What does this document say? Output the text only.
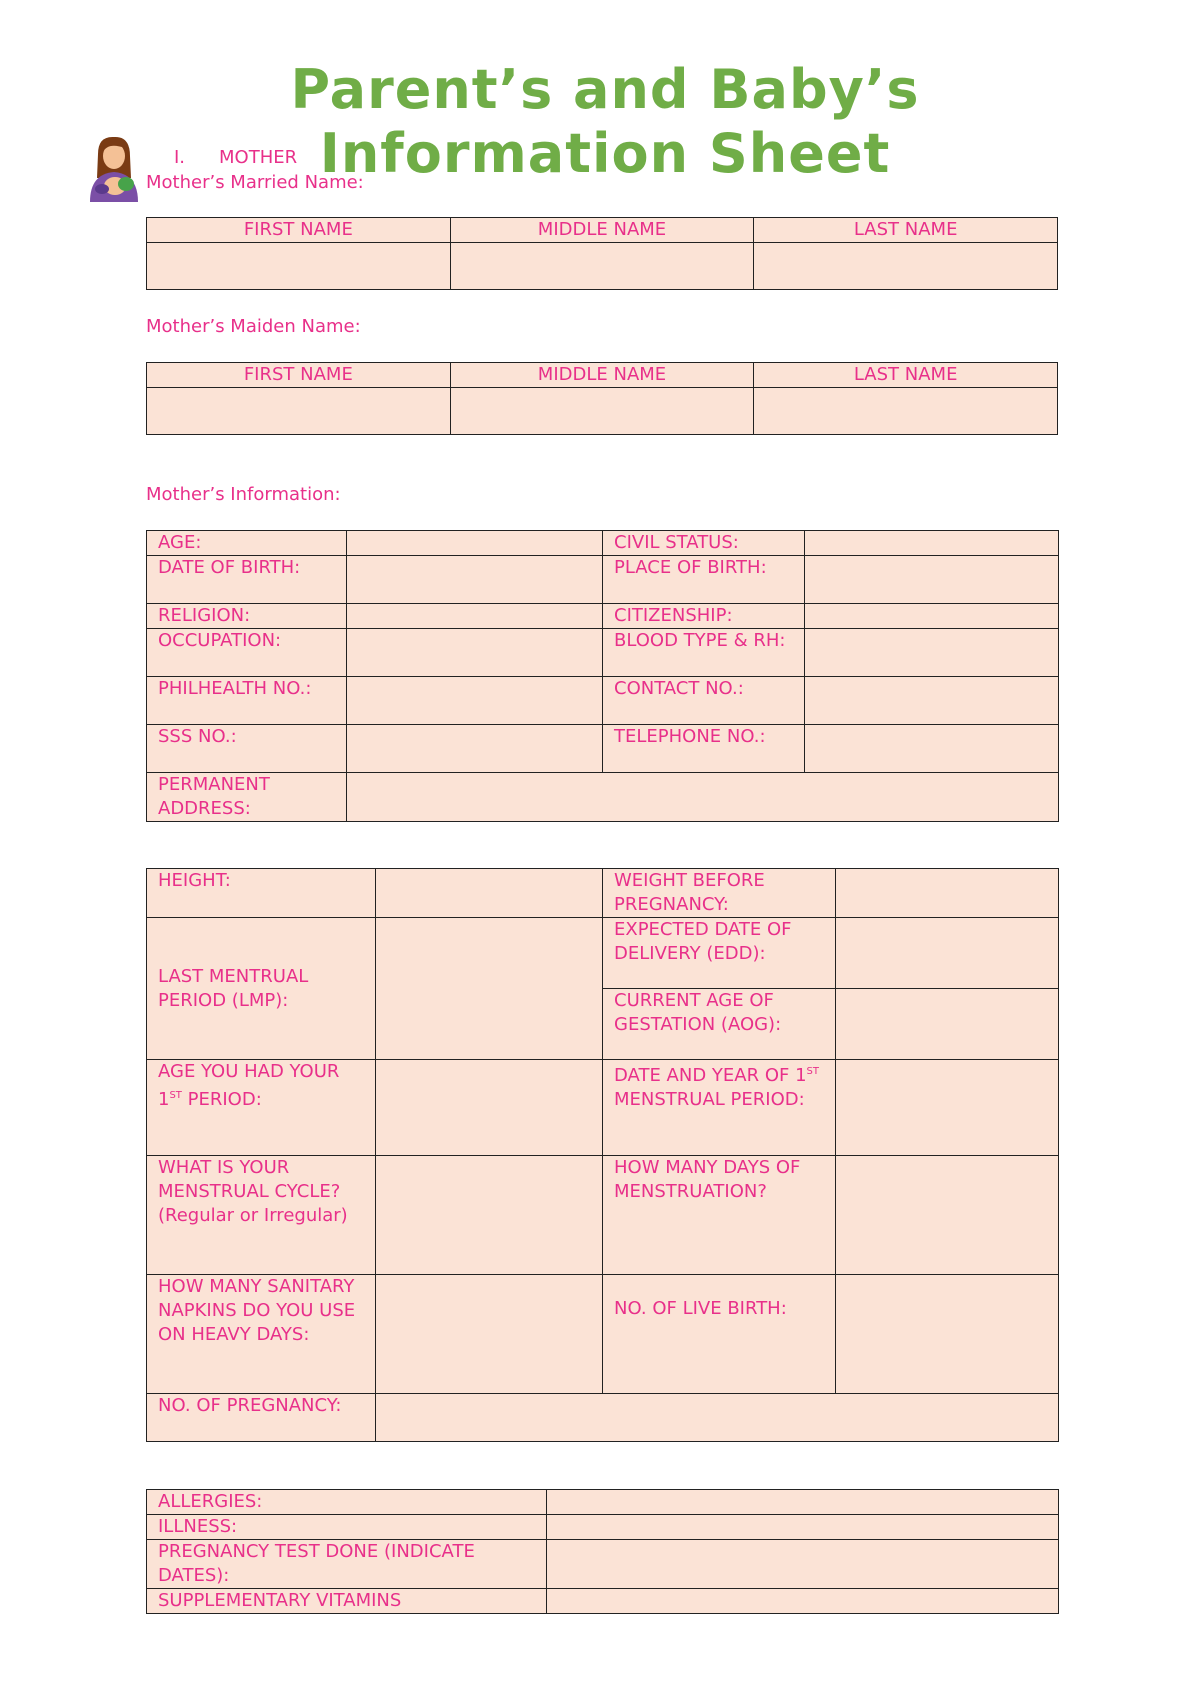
Parent’s and Baby’s
Information Sheet
I. MOTHER
Mother’s Married Name:
FIRST NAME	MIDDLE NAME	LAST NAME

Mother’s Maiden Name:
FIRST NAME	MIDDLE NAME	LAST NAME

Mother’s Information:
AGE:		CIVIL STATUS:	
DATE OF BIRTH:		PLACE OF BIRTH:	
RELIGION:		CITIZENSHIP:	
OCCUPATION:		BLOOD TYPE & RH:	
PHILHEALTH NO.:		CONTACT NO.:	
SSS NO.:		TELEPHONE NO.:	
PERMANENT ADDRESS:			
HEIGHT:		WEIGHT BEFORE PREGNANCY:	
LAST MENTRUAL PERIOD (LMP):		EXPECTED DATE OF DELIVERY (EDD):	
		CURRENT AGE OF GESTATION (AOG):	
AGE YOU HAD YOUR 1ST PERIOD:		DATE AND YEAR OF 1ST MENSTRUAL PERIOD:	
WHAT IS YOUR MENSTRUAL CYCLE? (Regular or Irregular)		HOW MANY DAYS OF MENSTRUATION?	
HOW MANY SANITARY NAPKINS DO YOU USE ON HEAVY DAYS:		NO. OF LIVE BIRTH:	
NO. OF PREGNANCY:			
ALLERGIES:	
ILLNESS:	
PREGNANCY TEST DONE (INDICATE DATES):	
SUPPLEMENTARY VITAMINS	
